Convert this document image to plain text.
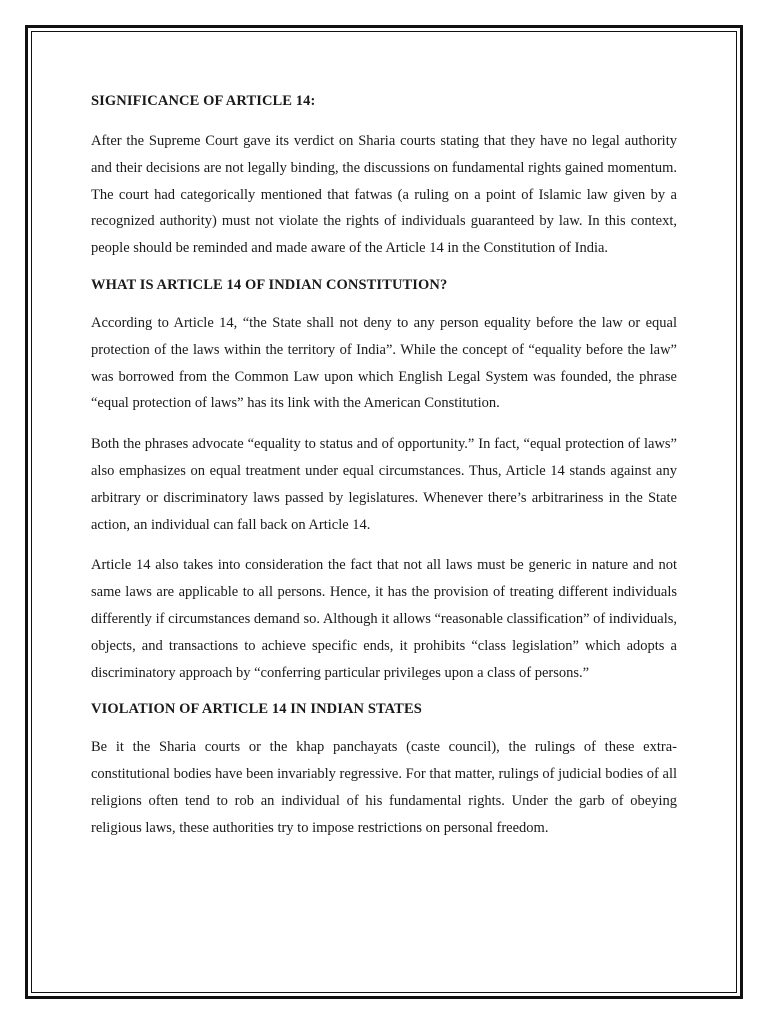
SIGNIFICANCE OF ARTICLE 14:

After the Supreme Court gave its verdict on Sharia courts stating that they have no legal authority and their decisions are not legally binding, the discussions on fundamental rights gained momentum. The court had categorically mentioned that fatwas (a ruling on a point of Islamic law given by a recognized authority) must not violate the rights of individuals guaranteed by law. In this context, people should be reminded and made aware of the Article 14 in the Constitution of India.

WHAT IS ARTICLE 14 OF INDIAN CONSTITUTION?

According to Article 14, “the State shall not deny to any person equality before the law or equal protection of the laws within the territory of India”. While the concept of “equality before the law” was borrowed from the Common Law upon which English Legal System was founded, the phrase “equal protection of laws” has its link with the American Constitution.

Both the phrases advocate “equality to status and of opportunity.” In fact, “equal protection of laws” also emphasizes on equal treatment under equal circumstances. Thus, Article 14 stands against any arbitrary or discriminatory laws passed by legislatures. Whenever there’s arbitrariness in the State action, an individual can fall back on Article 14.

Article 14 also takes into consideration the fact that not all laws must be generic in nature and not same laws are applicable to all persons. Hence, it has the provision of treating different individuals differently if circumstances demand so. Although it allows “reasonable classification” of individuals, objects, and transactions to achieve specific ends, it prohibits “class legislation” which adopts a discriminatory approach by “conferring particular privileges upon a class of persons.”

VIOLATION OF ARTICLE 14 IN INDIAN STATES

Be it the Sharia courts or the khap panchayats (caste council), the rulings of these extra-constitutional bodies have been invariably regressive. For that matter, rulings of judicial bodies of all religions often tend to rob an individual of his fundamental rights. Under the garb of obeying religious laws, these authorities try to impose restrictions on personal freedom.
